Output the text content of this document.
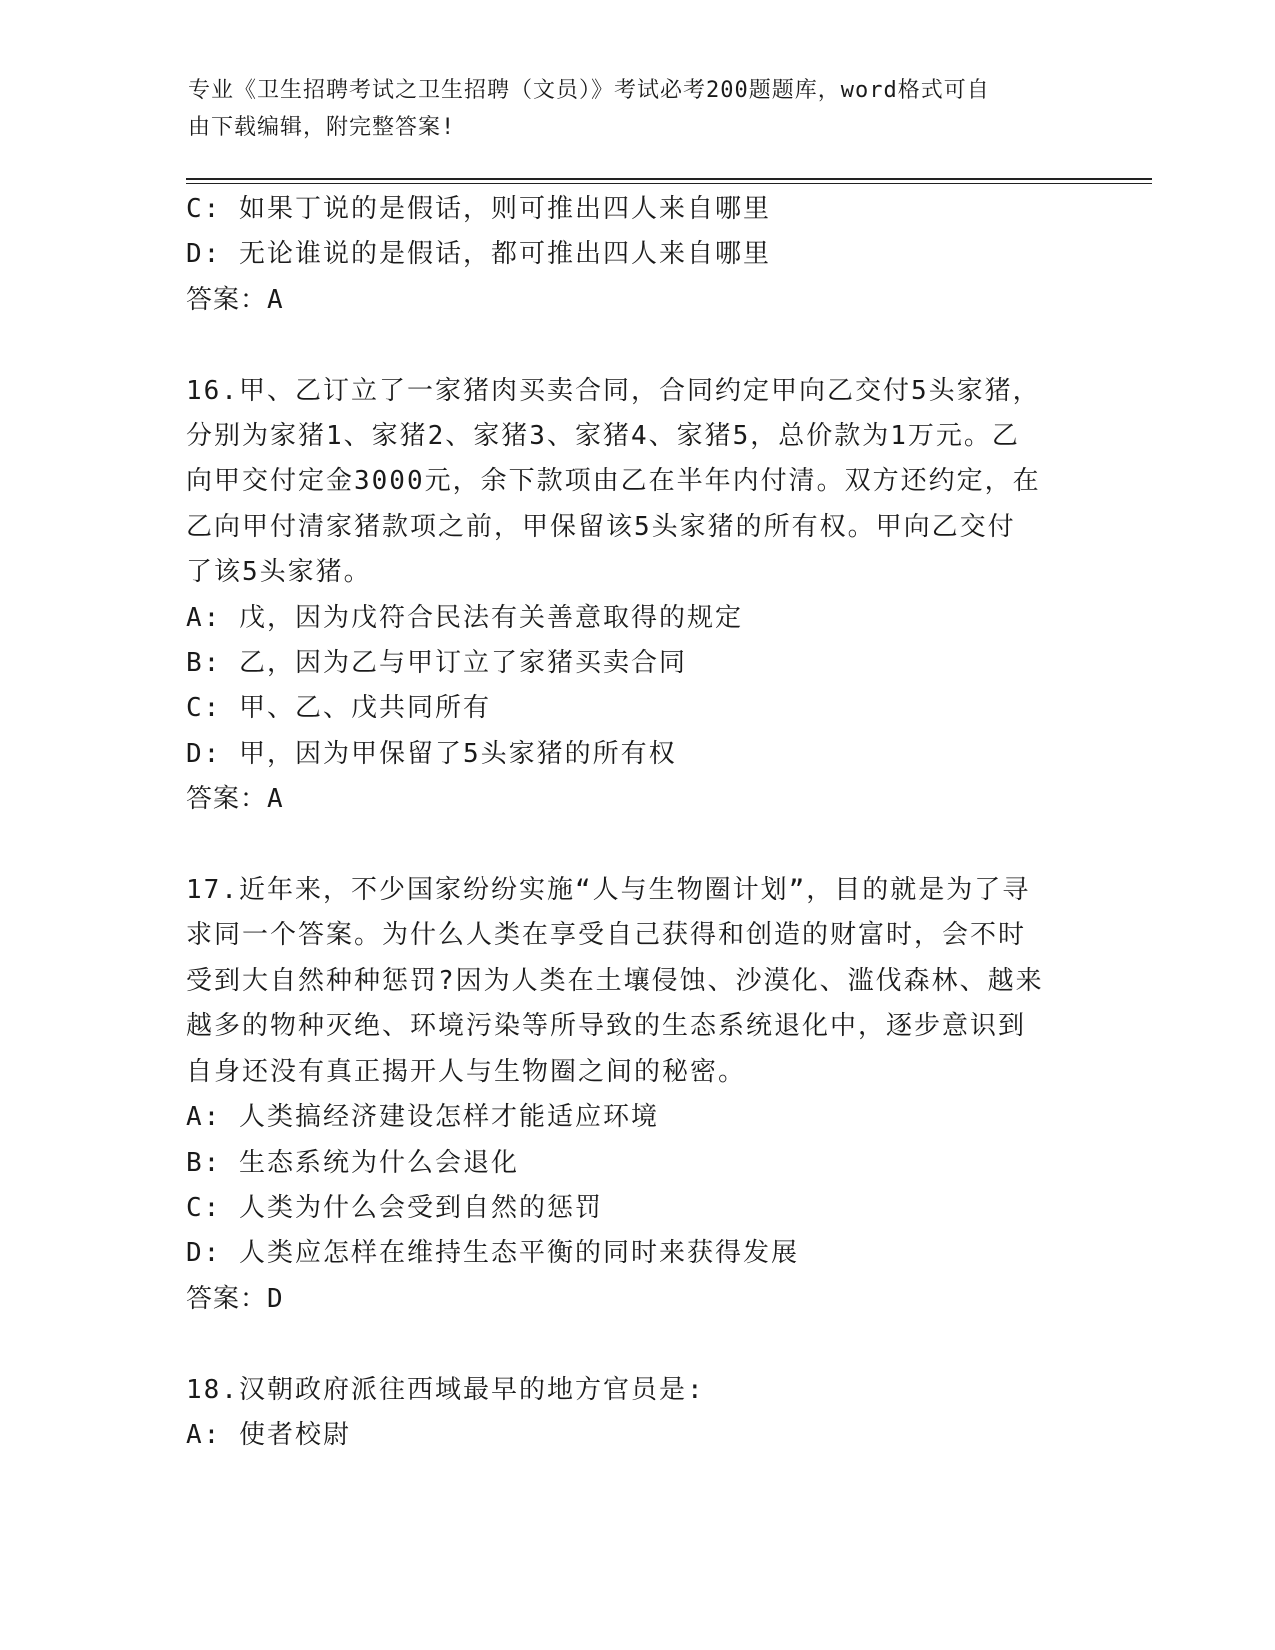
专业《卫生招聘考试之卫生招聘（文员）》考试必考200题题库，word格式可自
由下载编辑，附完整答案!
C: 如果丁说的是假话，则可推出四人来自哪里
D: 无论谁说的是假话，都可推出四人来自哪里
答案：A
16.甲、乙订立了一家猪肉买卖合同，合同约定甲向乙交付5头家猪，
分别为家猪1、家猪2、家猪3、家猪4、家猪5，总价款为1万元。乙
向甲交付定金3000元，余下款项由乙在半年内付清。双方还约定，在
乙向甲付清家猪款项之前，甲保留该5头家猪的所有权。甲向乙交付
了该5头家猪。
A: 戊，因为戊符合民法有关善意取得的规定
B: 乙，因为乙与甲订立了家猪买卖合同
C: 甲、乙、戊共同所有
D: 甲，因为甲保留了5头家猪的所有权
答案：A
17.近年来，不少国家纷纷实施“人与生物圈计划”，目的就是为了寻
求同一个答案。为什么人类在享受自己获得和创造的财富时，会不时
受到大自然种种惩罚?因为人类在土壤侵蚀、沙漠化、滥伐森林、越来
越多的物种灭绝、环境污染等所导致的生态系统退化中，逐步意识到
自身还没有真正揭开人与生物圈之间的秘密。
A: 人类搞经济建设怎样才能适应环境
B: 生态系统为什么会退化
C: 人类为什么会受到自然的惩罚
D: 人类应怎样在维持生态平衡的同时来获得发展
答案：D
18.汉朝政府派往西域最早的地方官员是:
A: 使者校尉
